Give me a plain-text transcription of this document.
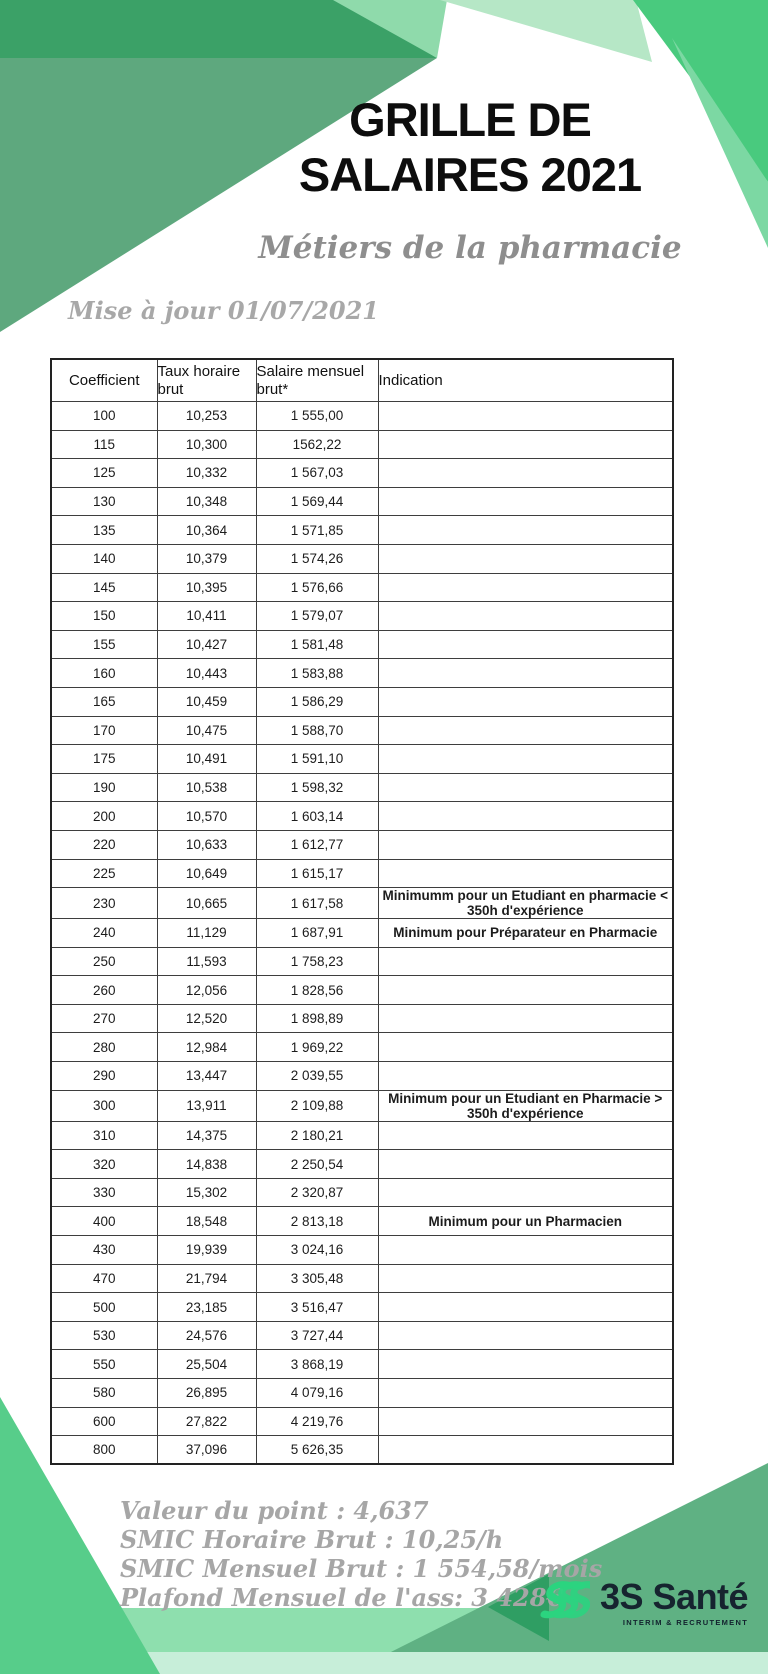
GRILLE DE
SALAIRES 2021
Métiers de la pharmacie
Mise à jour 01/07/2021
Coefficient	Taux horaire brut	Salaire mensuel brut*	Indication
100	10,253	1 555,00	
115	10,300	1562,22	
125	10,332	1 567,03	
130	10,348	1 569,44	
135	10,364	1 571,85	
140	10,379	1 574,26	
145	10,395	1 576,66	
150	10,411	1 579,07	
155	10,427	1 581,48	
160	10,443	1 583,88	
165	10,459	1 586,29	
170	10,475	1 588,70	
175	10,491	1 591,10	
190	10,538	1 598,32	
200	10,570	1 603,14	
220	10,633	1 612,77	
225	10,649	1 615,17	
230	10,665	1 617,58	Minimumm pour un Etudiant en pharmacie < 350h d'expérience
240	11,129	1 687,91	Minimum pour Préparateur en Pharmacie
250	11,593	1 758,23	
260	12,056	1 828,56	
270	12,520	1 898,89	
280	12,984	1 969,22	
290	13,447	2 039,55	
300	13,911	2 109,88	Minimum pour un Etudiant en Pharmacie > 350h d'expérience
310	14,375	2 180,21	
320	14,838	2 250,54	
330	15,302	2 320,87	
400	18,548	2 813,18	Minimum pour un Pharmacien
430	19,939	3 024,16	
470	21,794	3 305,48	
500	23,185	3 516,47	
530	24,576	3 727,44	
550	25,504	3 868,19	
580	26,895	4 079,16	
600	27,822	4 219,76	
800	37,096	5 626,35	
Valeur du point : 4,637
SMIC Horaire Brut : 10,25/h
SMIC Mensuel Brut : 1 554,58/mois
Plafond Mensuel de l'ass: 3 428€	3S Santé
INTERIM & RECRUTEMENT
